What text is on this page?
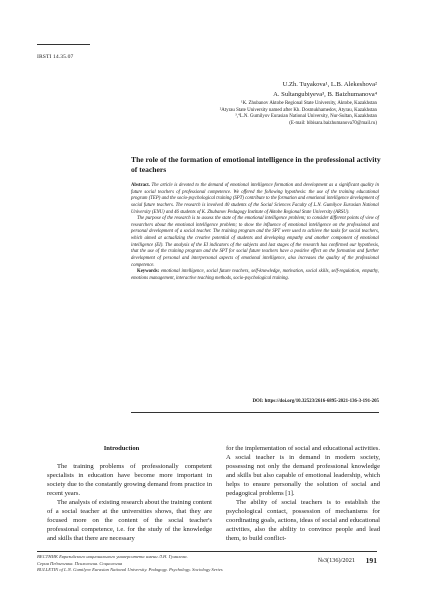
IRSTI 14.35.07
U.Zh. Tuyakova¹, L.B. Alekeshova²
A. Sultangubiyeva³, B. Baizhumanova⁴
¹K. Zhubanov Aktobe Regional State University, Aktobe, Kazakhstan
²Atyrau State University named after Kh. Dosmukhamedov, Atyrau, Kazakhstan
³,⁴L.N. Gumilyov Eurasian National University, Nur-Sultan, Kazakhstan
(E-mail: bibisara.baizhumanova70@mail.ru)
The role of the formation of emotional intelligence in the professional activity of teachers

Abstract. The article is devoted to the demand of emotional intelligence formation and development as a significant quality in future social teachers of professional competence. We offered the following hypothesis: the use of the training educational program (TEP) and the socio-psychological training (SPT) contribute to the formation and emotional intelligence development of social future teachers. The research is involved 40 students of the Social Sciences Faculty of L.N. Gumilyov Eurasian National University (ENU) and 46 students of K. Zhubanov Pedagogy Institute of Aktobe Regional State University (ARSU).

The purpose of the research is to assess the state of the emotional intelligence problem; to consider different points of view of researchers about the emotional intelligence problem; to show the influence of emotional intelligence on the professional and personal development of a social teacher. The training program and the SPT were used to achieve the tasks for social teachers, which aimed at actualizing the creative potential of students and developing empathy and another component of emotional intelligence (EI). The analysis of the EI indicators of the subjects and last stages of the research has confirmed our hypothesis, that the use of the training program and the SPT for social future teachers have a positive effect on the formation and further development of personal and interpersonal aspects of emotional intelligence, also increases the quality of the professional competence.

Keywords: emotional intelligence, social future teachers, self-knowledge, motivation, social skills, self-regulation, empathy, emotions management, interactive teaching methods, socio-psychological training.

DOI: https://doi.org/10.32523/2616-6895-2021-136-3-191-205
Introduction

The training problems of professionally competent specialists in education have become more important in society due to the constantly growing demand from practice in recent years.

The analysis of existing research about the training content of a social teacher at the universities shows, that they are focused more on the content of the social teacher's professional competence, i.e. for the study of the knowledge and skills that there are necessary

for the implementation of social and educational activities. A social teacher is in demand in modern society, possessing not only the demand professional knowledge and skills but also capable of emotional leadership, which helps to ensure personally the solution of social and pedagogical problems [1].

The ability of social teachers is to establish the psychological contact, possession of mechanisms for coordinating goals, actions, ideas of social and educational activities, also the ability to convince people and lead them, to build conflict-

ВЕСТНИК Евразийского национального университета имени Л.Н. Гумилева.
Серия Педагогика. Психология. Социология
BULLETIN of L.N. Gumilyov Eurasian National University. Pedagogy. Psychology. Sociology Series
№3(136)/2021 191
